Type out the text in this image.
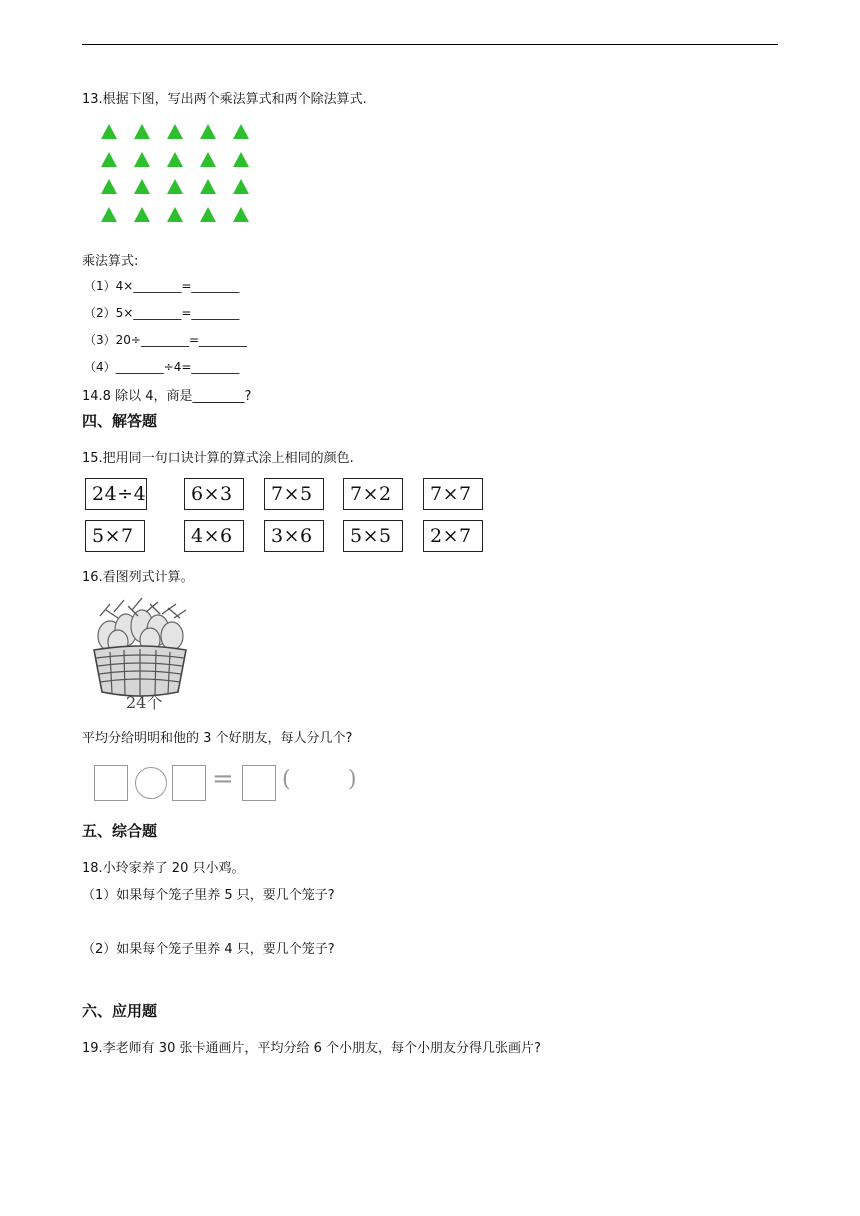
13.根据下图，写出两个乘法算式和两个除法算式.
乘法算式:
（1）4×________=________
（2）5×________=________
（3）20÷________=________
（4）________÷4=________
14.8 除以 4，商是________?
四、解答题
15.把用同一句口诀计算的算式涂上相同的颜色.
24÷4	6×3	7×5	7×2	7×7
5×7	4×6	3×6	5×5	2×7
16.看图列式计算。
24个
平均分给明明和他的 3 个好朋友，每人分几个?
= (	)
五、综合题
18.小玲家养了 20 只小鸡。
（1）如果每个笼子里养 5 只，要几个笼子?
（2）如果每个笼子里养 4 只，要几个笼子?
六、应用题
19.李老师有 30 张卡通画片，平均分给 6 个小朋友，每个小朋友分得几张画片?
